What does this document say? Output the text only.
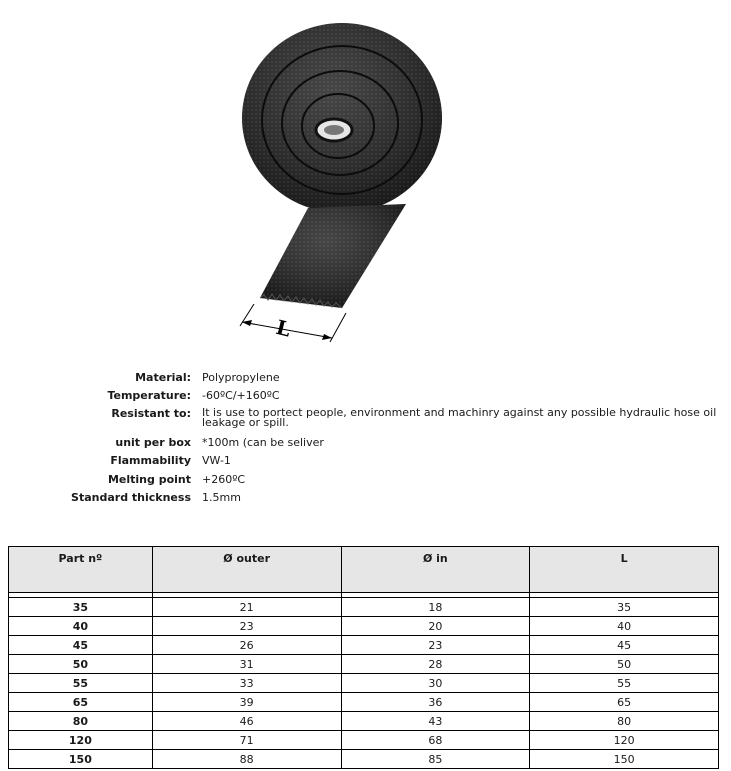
L
Material: Polypropylene
Temperature: -60ºC/+160ºC
Resistant to: It is use to portect people, environment and machinry against any possible hydraulic hose oil leakage or spill.
unit per box *100m (can be seliver
Flammability VW-1
Melting point +260ºC
Standard thickness 1.5mm
Part nº	Ø outer	Ø in	L

35	21	18	35
40	23	20	40
45	26	23	45
50	31	28	50
55	33	30	55
65	39	36	65
80	46	43	80
120	71	68	120
150	88	85	150
